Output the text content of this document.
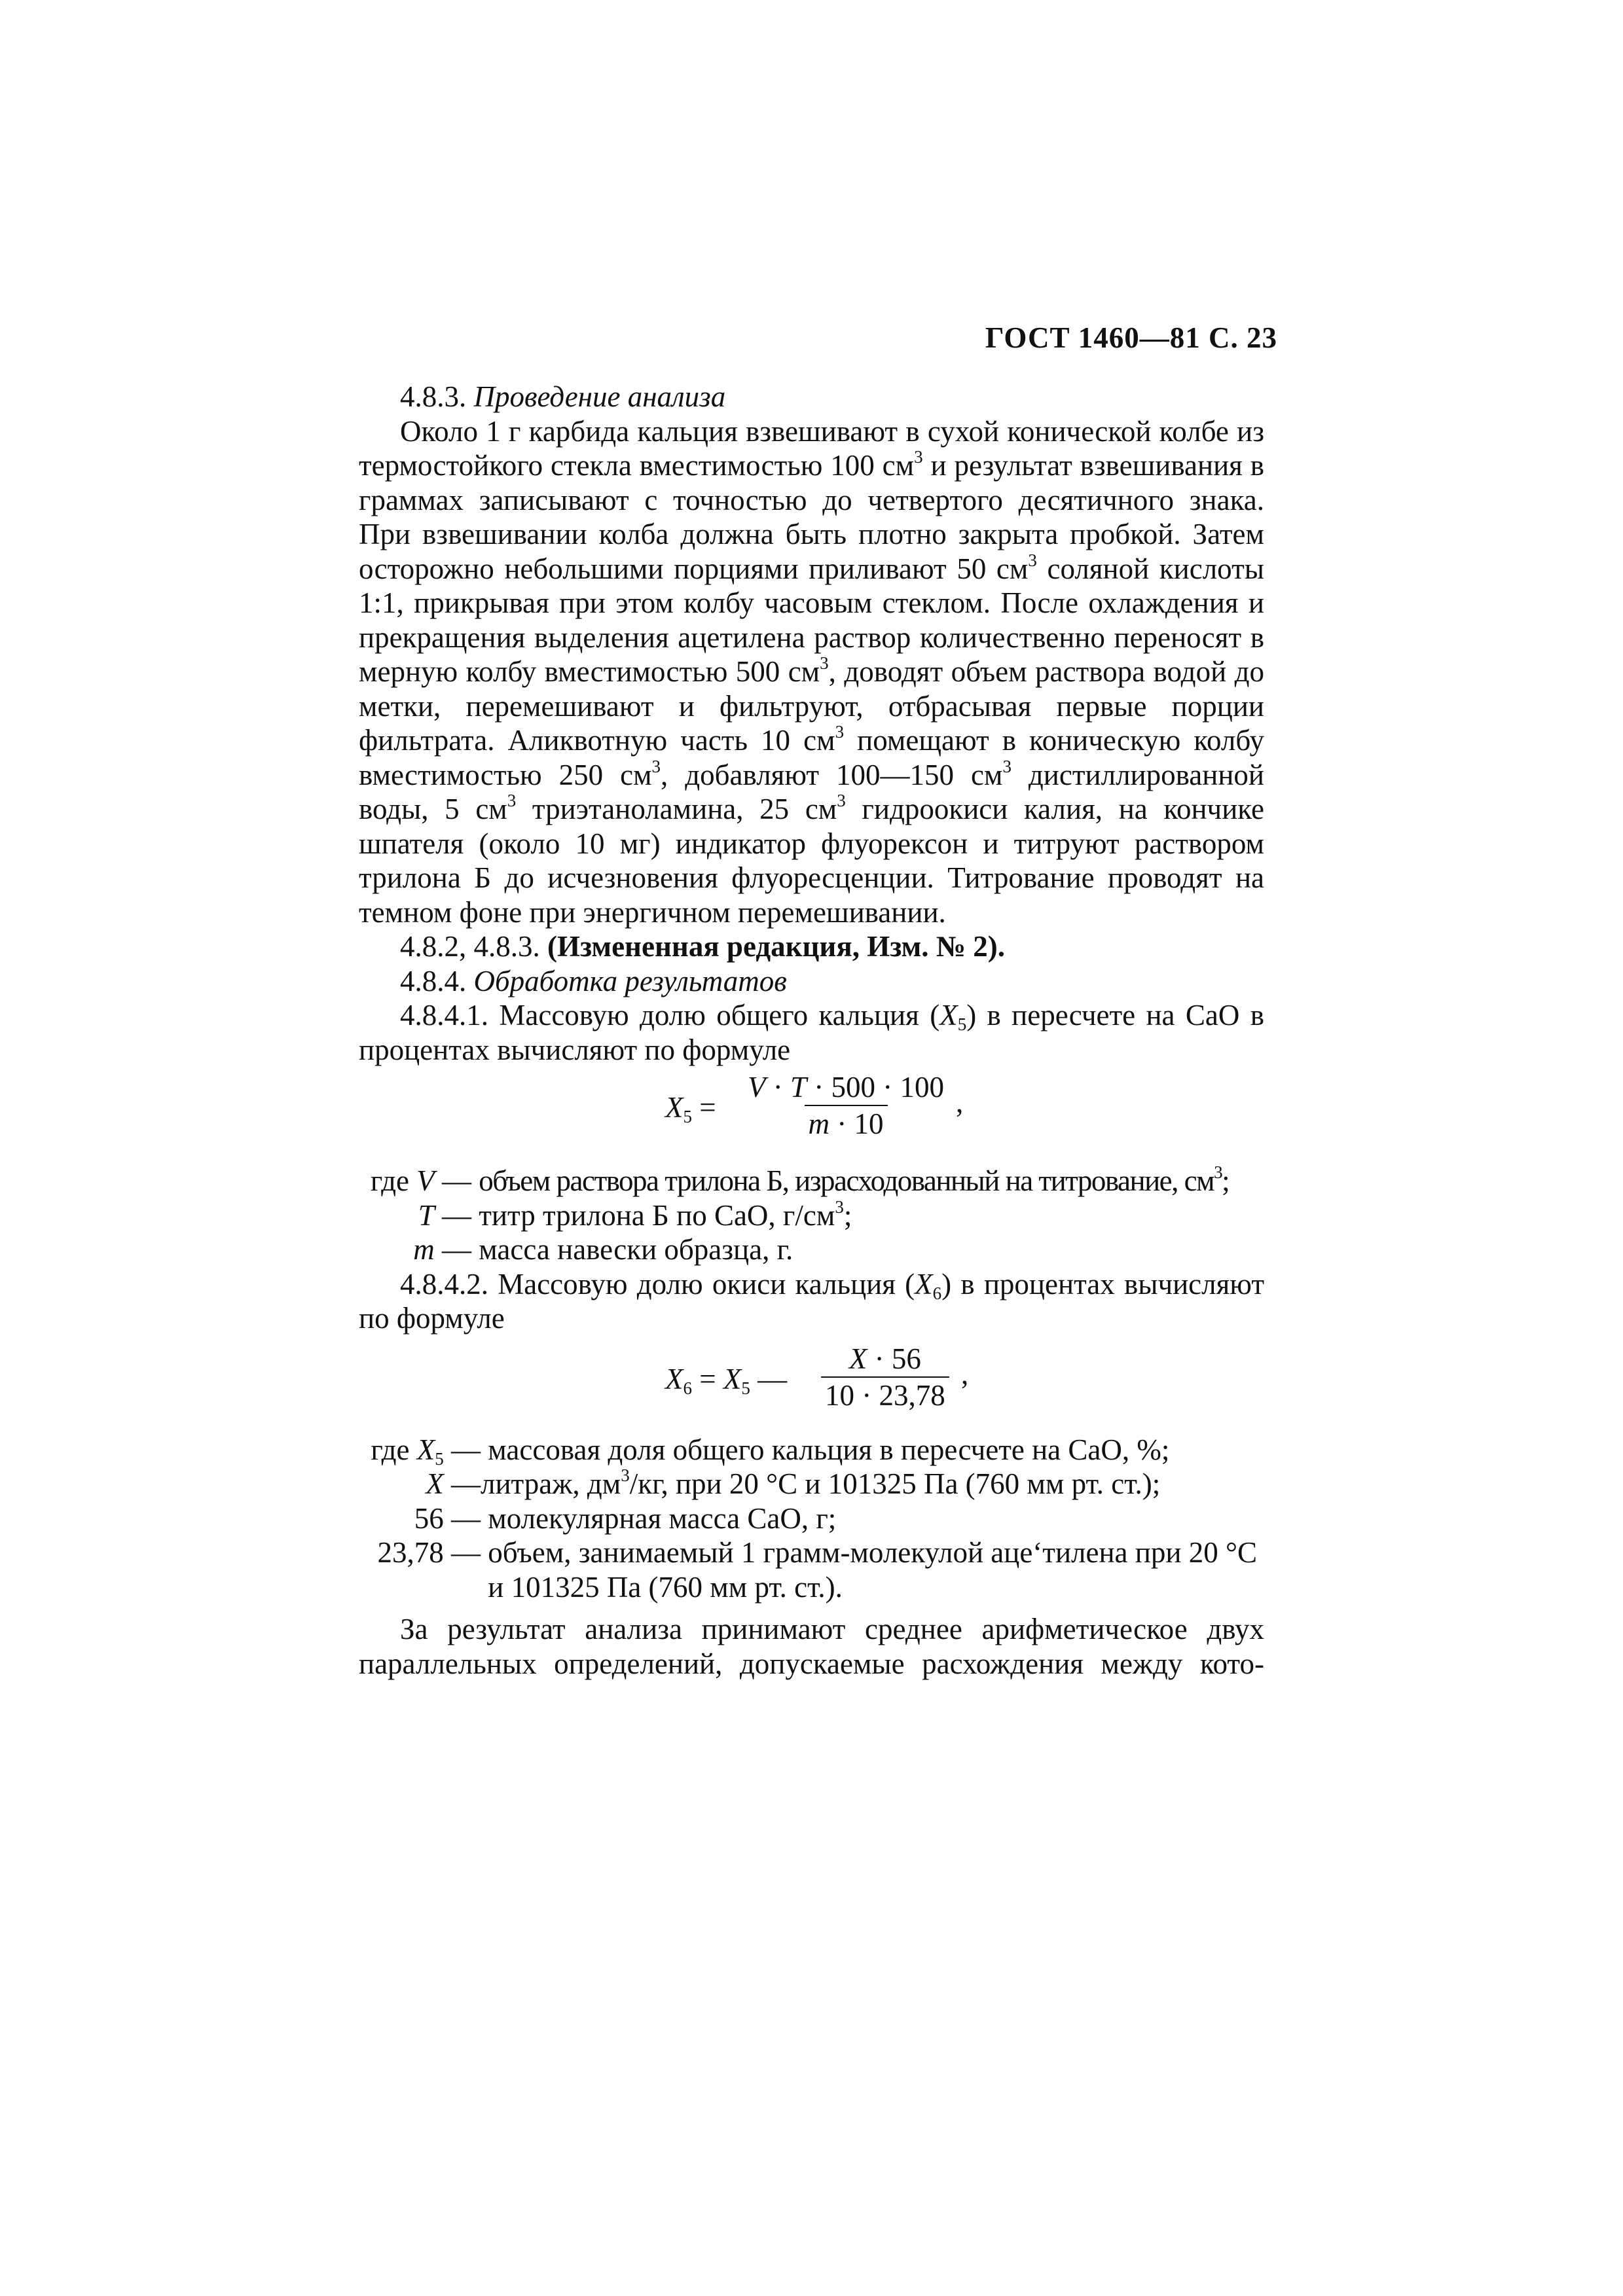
ГОСТ 1460—81 С. 23

4.8.3. Проведение анализа

Около 1 г карбида кальция взвешивают в сухой конической колбе из термостойкого стекла вместимостью 100 $см^3$ и результат взвешивания в граммах записывают с точностью до четвертого десятичного знака. При взвешивании колба должна быть плотно закрыта пробкой. Затем осторожно небольшими порциями приливают 50 $см^3$ соляной кислоты 1:1, прикрывая при этом колбу часовым стеклом. После охлаждения и прекращения выделения ацетилена раствор количественно переносят в мерную колбу вместимостью 500 $см^3$, доводят объем раствора водой до метки, перемешивают и фильтруют, отбрасывая первые порции фильтрата. Аликвотную часть 10 $см^3$ помещают в коническую колбу вместимостью 250 $см^3$, добавляют 100—150 $см^3$ дистиллированной воды, 5 $см^3$ триэтаноламина, 25 $см^3$ гидроокиси калия, на кончике шпателя (около 10 мг) индикатор флуорексон и титруют раствором трилона Б до исчезновения флуоресценции. Титрование проводят на темном фоне при энергичном перемешивании.

4.8.2, 4.8.3. (Измененная редакция, Изм. № 2).

4.8.4. Обработка результатов

4.8.4.1. Массовую долю общего кальция $(X_5)$ в пересчете на СаО в процентах вычисляют по формуле

$X_5 = \frac{V \cdot T \cdot 500 \cdot 100}{m \cdot 10}$ ,
где V —
объем раствора трилона Б, израсходованный на титрование, $см^3$;
T —
титр трилона Б по СаО, $г/см^3$;
m —
масса навески образца, г.

4.8.4.2. Массовую долю окиси кальция $(X_6)$ в процентах вычисляют по формуле

$X_6 = X_5$ — $\frac{X \cdot 56}{10 \cdot 23,78}$ ,
где $X_5$ —
массовая доля общего кальция в пересчете на СаО, %;
X — литраж, $дм^3/кг$, при 20 °С и 101325 Па (760 мм рт. ст.);
56 —
молекулярная масса СаО, г;
23,78 —
объем, занимаемый 1 грамм-молекулой аце‘тилена при 20 °С и 101325 Па (760 мм рт. ст.).

За результат анализа принимают среднее арифметическое двух параллельных определений, допускаемые расхождения между кото-
